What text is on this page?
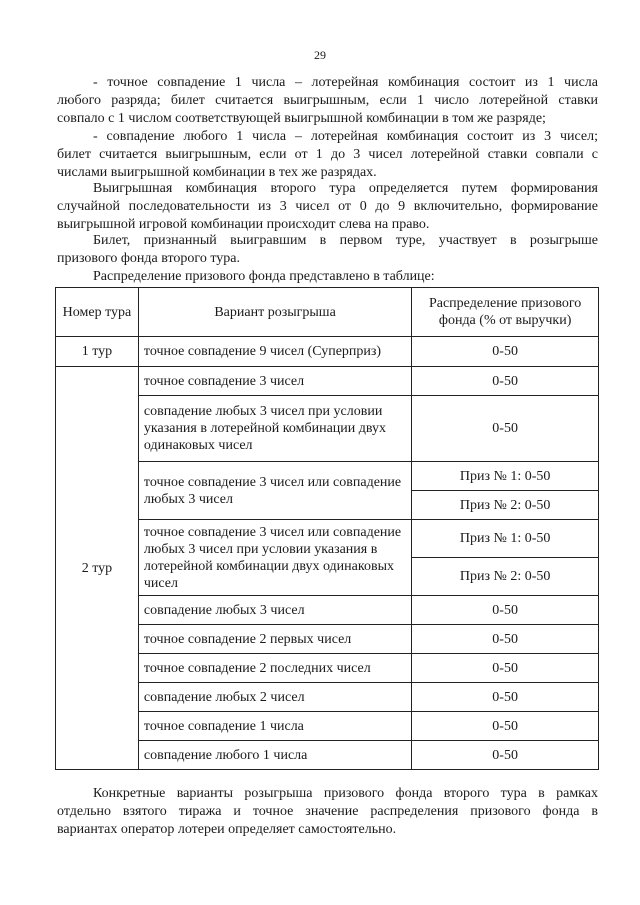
29

- точное совпадение 1 числа – лотерейная комбинация состоит из 1 числа
любого разряда; билет считается выигрышным, если 1 число лотерейной ставки
совпало с 1 числом соответствующей выигрышной комбинации в том же разряде;

- совпадение любого 1 числа – лотерейная комбинация состоит из 3 чисел;
билет считается выигрышным, если от 1 до 3 чисел лотерейной ставки совпали с
числами выигрышной комбинации в тех же разрядах.

Выигрышная комбинация второго тура определяется путем формирования
случайной последовательности из 3 чисел от 0 до 9 включительно, формирование
выигрышной игровой комбинации происходит слева на право.

Билет, признанный выигравшим в первом туре, участвует в розыгрыше
призового фонда второго тура.

Распределение призового фонда представлено в таблице:

Номер тура	Вариант розыгрыша	Распределение призового фонда (% от выручки)
1 тур	точное совпадение 9 чисел (Суперприз)	0-50
2 тур	точное совпадение 3 чисел	0-50
	совпадение любых 3 чисел при условии указания в лотерейной комбинации двух одинаковых чисел	0-50
	точное совпадение 3 чисел или совпадение любых 3 чисел	Приз № 1: 0-50
		Приз № 2: 0-50
	точное совпадение 3 чисел или совпадение любых 3 чисел при условии указания в лотерейной комбинации двух одинаковых чисел	Приз № 1: 0-50
		Приз № 2: 0-50
	совпадение любых 3 чисел	0-50
	точное совпадение 2 первых чисел	0-50
	точное совпадение 2 последних чисел	0-50
	совпадение любых 2 чисел	0-50
	точное совпадение 1 числа	0-50
	совпадение любого 1 числа	0-50

Конкретные варианты розыгрыша призового фонда второго тура в рамках
отдельно взятого тиража и точное значение распределения призового фонда в
вариантах оператор лотереи определяет самостоятельно.
